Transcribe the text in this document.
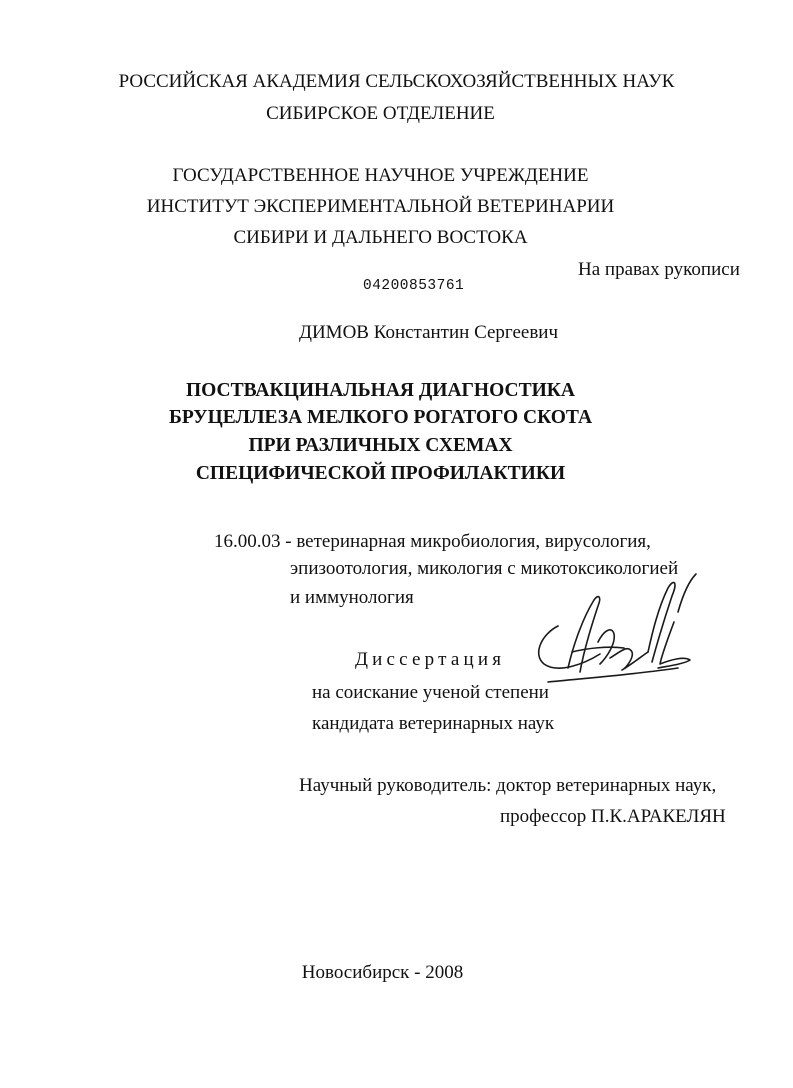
РОССИЙСКАЯ АКАДЕМИЯ СЕЛЬСКОХОЗЯЙСТВЕННЫХ НАУК
СИБИРСКОЕ ОТДЕЛЕНИЕ
ГОСУДАРСТВЕННОЕ НАУЧНОЕ УЧРЕЖДЕНИЕ
ИНСТИТУТ ЭКСПЕРИМЕНТАЛЬНОЙ ВЕТЕРИНАРИИ
СИБИРИ И ДАЛЬНЕГО ВОСТОКА
На правах рукописи
04200853761
ДИМОВ Константин Сергеевич
ПОСТВАКЦИНАЛЬНАЯ ДИАГНОСТИКА
БРУЦЕЛЛЕЗА МЕЛКОГО РОГАТОГО СКОТА
ПРИ РАЗЛИЧНЫХ СХЕМАХ
СПЕЦИФИЧЕСКОЙ ПРОФИЛАКТИКИ
16.00.03 - ветеринарная микробиология, вирусология,
эпизоотология, микология с микотоксикологией
и иммунология
Диссертация
на соискание ученой степени
кандидата ветеринарных наук
Научный руководитель: доктор ветеринарных наук,
профессор П.К.АРАКЕЛЯН
Новосибирск - 2008
